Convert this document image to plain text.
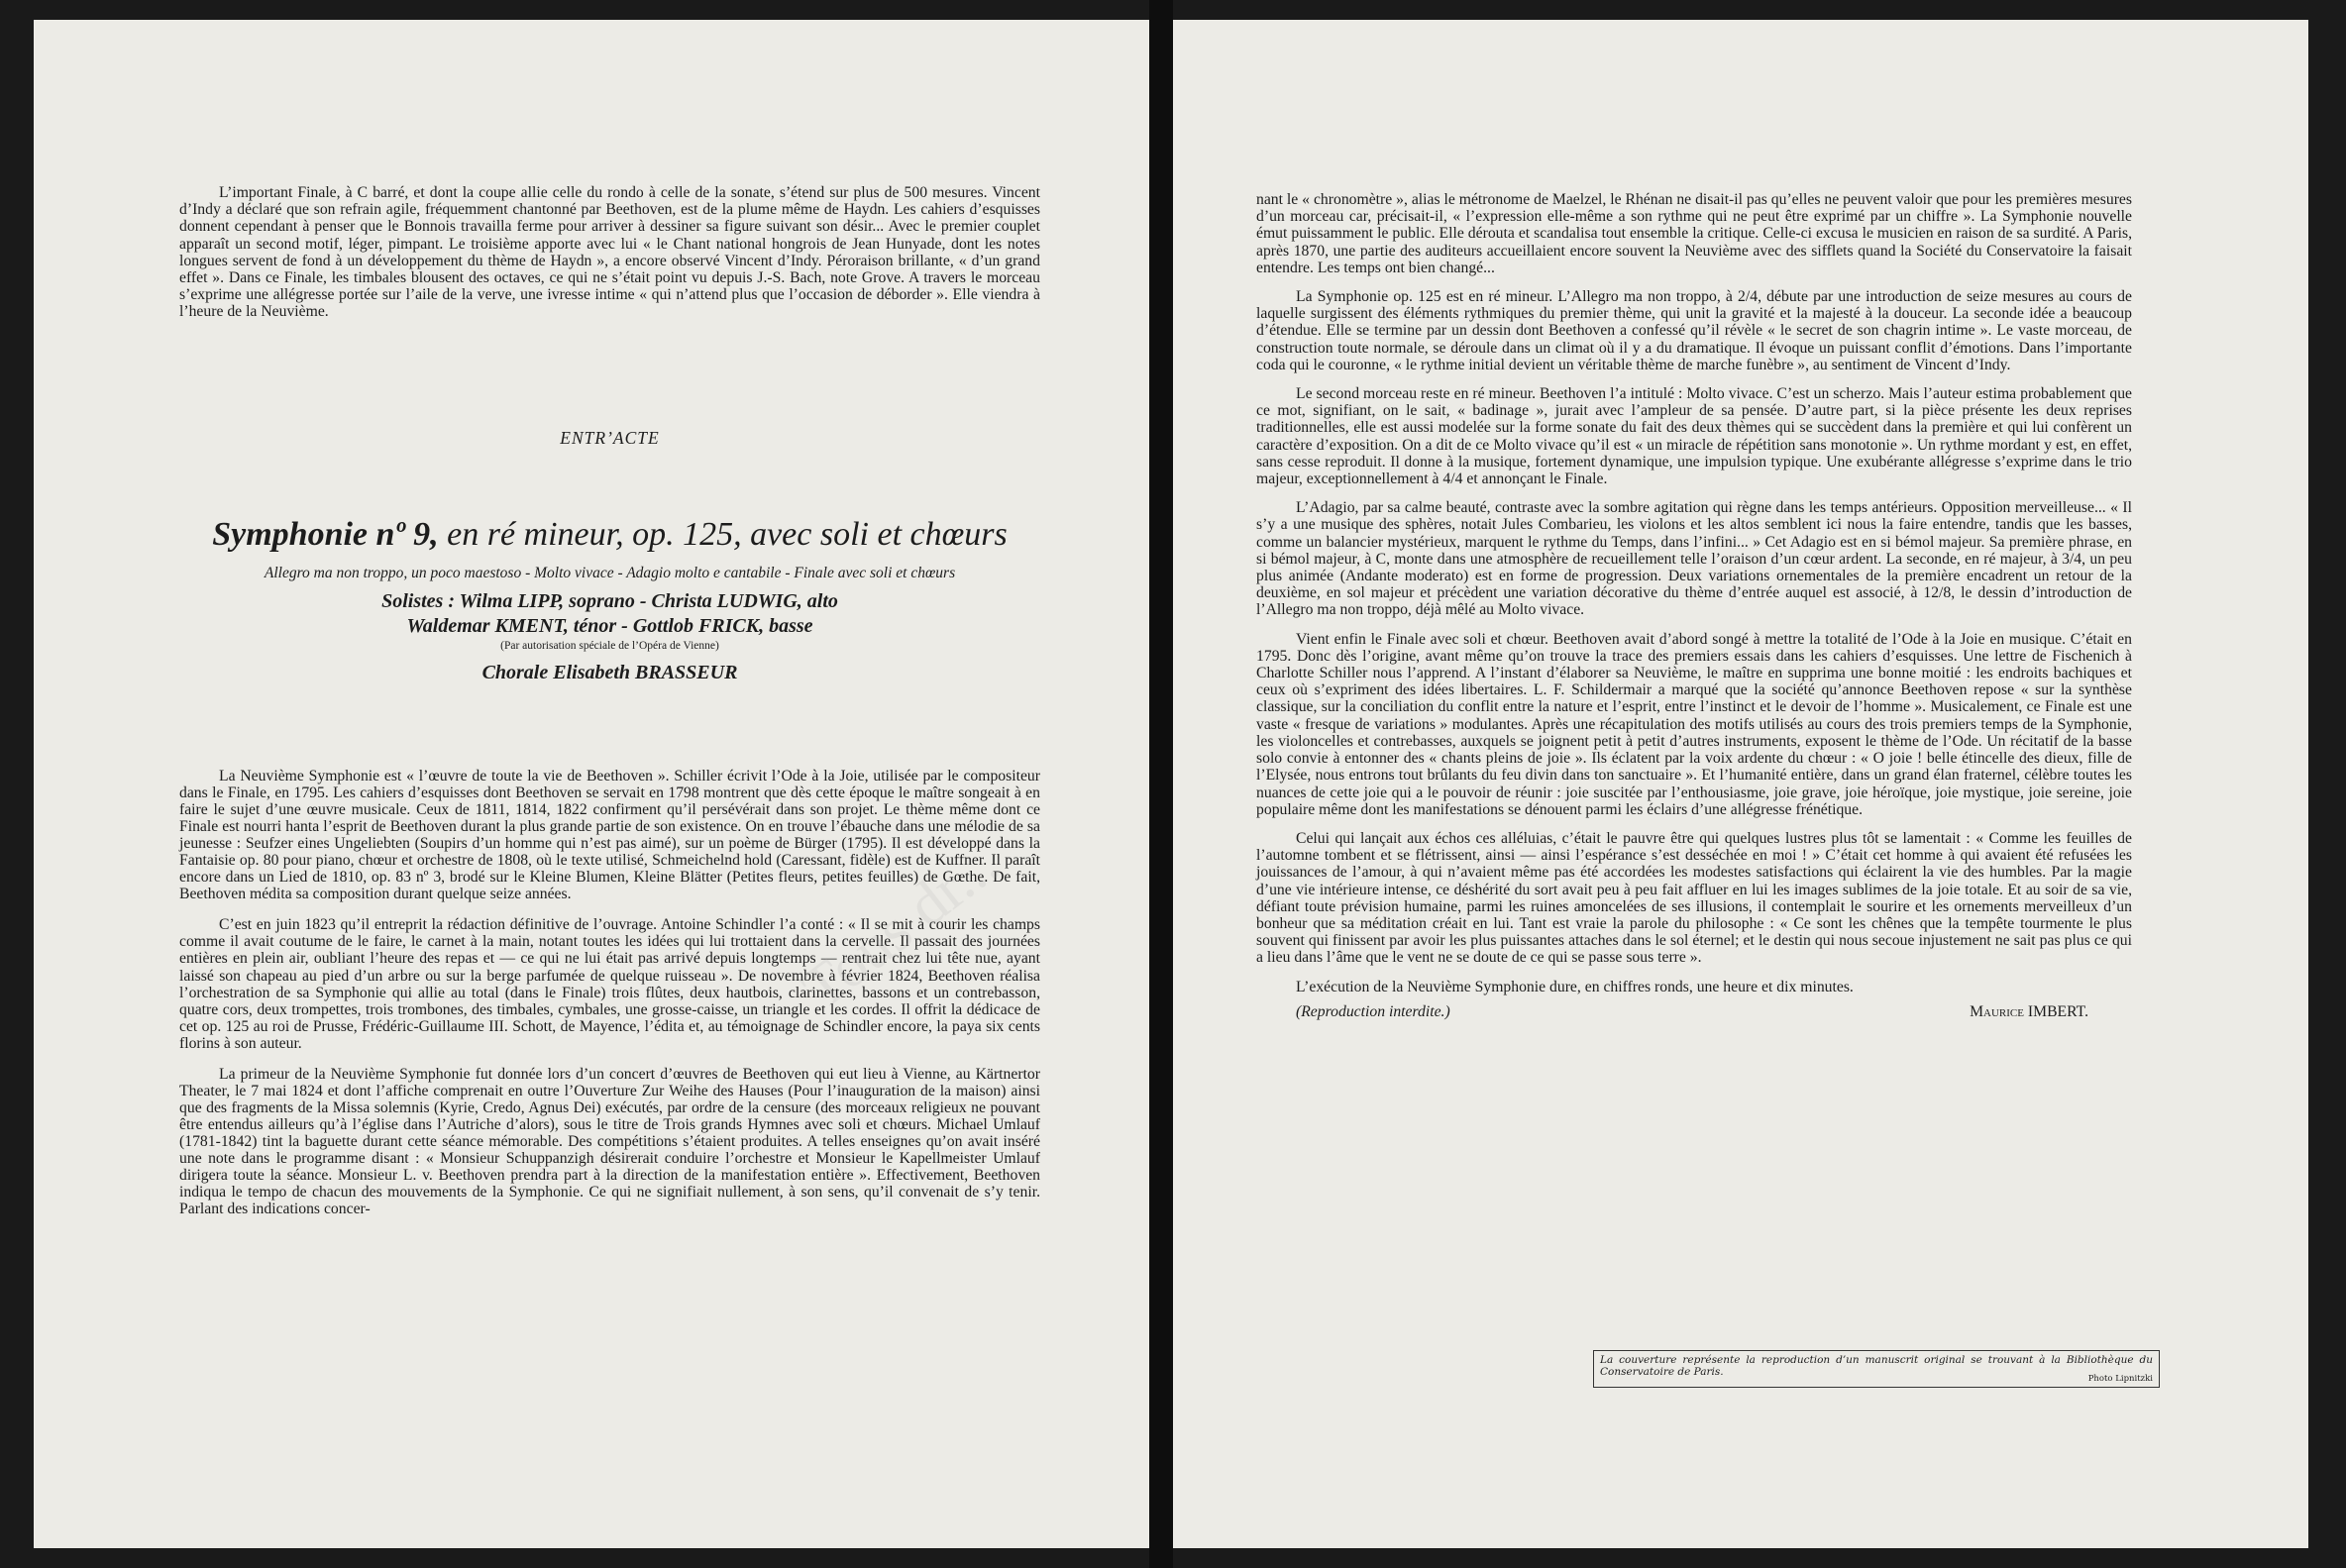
L’important Finale, à C barré, et dont la coupe allie celle du rondo à celle de la sonate, s’étend sur plus de 500 mesures. Vincent d’Indy a déclaré que son refrain agile, fréquemment chantonné par Beethoven, est de la plume même de Haydn. Les cahiers d’esquisses donnent cependant à penser que le Bonnois travailla ferme pour arriver à dessiner sa figure suivant son désir... Avec le premier couplet apparaît un second motif, léger, pimpant. Le troisième apporte avec lui « le Chant national hongrois de Jean Hunyade, dont les notes longues servent de fond à un développement du thème de Haydn », a encore observé Vincent d’Indy. Péroraison brillante, « d’un grand effet ». Dans ce Finale, les timbales blousent des octaves, ce qui ne s’était point vu depuis J.-S. Bach, note Grove. A travers le morceau s’exprime une allégresse portée sur l’aile de la verve, une ivresse intime « qui n’attend plus que l’occasion de déborder ». Elle viendra à l’heure de la Neuvième.

ENTR’ACTE
Symphonie nº 9, en ré mineur, op. 125, avec soli et chœurs
Allegro ma non troppo, un poco maestoso - Molto vivace - Adagio molto e cantabile - Finale avec soli et chœurs
Solistes : Wilma LIPP, soprano - Christa LUDWIG, alto
Waldemar KMENT, ténor - Gottlob FRICK, basse
(Par autorisation spéciale de l’Opéra de Vienne)
Chorale Elisabeth BRASSEUR

La Neuvième Symphonie est « l’œuvre de toute la vie de Beethoven ». Schiller écrivit l’Ode à la Joie, utilisée par le compositeur dans le Finale, en 1795. Les cahiers d’esquisses dont Beethoven se servait en 1798 montrent que dès cette époque le maître songeait à en faire le sujet d’une œuvre musicale. Ceux de 1811, 1814, 1822 confirment qu’il persévérait dans son projet. Le thème même dont ce Finale est nourri hanta l’esprit de Beethoven durant la plus grande partie de son existence. On en trouve l’ébauche dans une mélodie de sa jeunesse : Seufzer eines Ungeliebten (Soupirs d’un homme qui n’est pas aimé), sur un poème de Bürger (1795). Il est développé dans la Fantaisie op. 80 pour piano, chœur et orchestre de 1808, où le texte utilisé, Schmeichelnd hold (Caressant, fidèle) est de Kuffner. Il paraît encore dans un Lied de 1810, op. 83 nº 3, brodé sur le Kleine Blumen, Kleine Blätter (Petites fleurs, petites feuilles) de Gœthe. De fait, Beethoven médita sa composition durant quelque seize années.

C’est en juin 1823 qu’il entreprit la rédaction définitive de l’ouvrage. Antoine Schindler l’a conté : « Il se mit à courir les champs comme il avait coutume de le faire, le carnet à la main, notant toutes les idées qui lui trottaient dans la cervelle. Il passait des journées entières en plein air, oubliant l’heure des repas et — ce qui ne lui était pas arrivé depuis longtemps — rentrait chez lui tête nue, ayant laissé son chapeau au pied d’un arbre ou sur la berge parfumée de quelque ruisseau ». De novembre à février 1824, Beethoven réalisa l’orchestration de sa Symphonie qui allie au total (dans le Finale) trois flûtes, deux hautbois, clarinettes, bassons et un contrebasson, quatre cors, deux trompettes, trois trombones, des timbales, cymbales, une grosse-caisse, un triangle et les cordes. Il offrit la dédicace de cet op. 125 au roi de Prusse, Frédéric-Guillaume III. Schott, de Mayence, l’édita et, au témoignage de Schindler encore, la paya six cents florins à son auteur.

La primeur de la Neuvième Symphonie fut donnée lors d’un concert d’œuvres de Beethoven qui eut lieu à Vienne, au Kärtnertor Theater, le 7 mai 1824 et dont l’affiche comprenait en outre l’Ouverture Zur Weihe des Hauses (Pour l’inauguration de la maison) ainsi que des fragments de la Missa solemnis (Kyrie, Credo, Agnus Dei) exécutés, par ordre de la censure (des morceaux religieux ne pouvant être entendus ailleurs qu’à l’église dans l’Autriche d’alors), sous le titre de Trois grands Hymnes avec soli et chœurs. Michael Umlauf (1781-1842) tint la baguette durant cette séance mémorable. Des compétitions s’étaient produites. A telles enseignes qu’on avait inséré une note dans le programme disant : « Monsieur Schuppanzigh désirerait conduire l’orchestre et Monsieur le Kapellmeister Umlauf dirigera toute la séance. Monsieur L. v. Beethoven prendra part à la direction de la manifestation entière ». Effectivement, Beethoven indiqua le tempo de chacun des mouvements de la Symphonie. Ce qui ne signifiait nullement, à son sens, qu’il convenait de s’y tenir. Parlant des indications concer-

Tous dr...

nant le « chronomètre », alias le métronome de Maelzel, le Rhénan ne disait-il pas qu’elles ne peuvent valoir que pour les premières mesures d’un morceau car, précisait-il, « l’expression elle-même a son rythme qui ne peut être exprimé par un chiffre ». La Symphonie nouvelle émut puissamment le public. Elle dérouta et scandalisa tout ensemble la critique. Celle-ci excusa le musicien en raison de sa surdité. A Paris, après 1870, une partie des auditeurs accueillaient encore souvent la Neuvième avec des sifflets quand la Société du Conservatoire la faisait entendre. Les temps ont bien changé...

La Symphonie op. 125 est en ré mineur. L’Allegro ma non troppo, à 2/4, débute par une introduction de seize mesures au cours de laquelle surgissent des éléments rythmiques du premier thème, qui unit la gravité et la majesté à la douceur. La seconde idée a beaucoup d’étendue. Elle se termine par un dessin dont Beethoven a confessé qu’il révèle « le secret de son chagrin intime ». Le vaste morceau, de construction toute normale, se déroule dans un climat où il y a du dramatique. Il évoque un puissant conflit d’émotions. Dans l’importante coda qui le couronne, « le rythme initial devient un véritable thème de marche funèbre », au sentiment de Vincent d’Indy.

Le second morceau reste en ré mineur. Beethoven l’a intitulé : Molto vivace. C’est un scherzo. Mais l’auteur estima probablement que ce mot, signifiant, on le sait, « badinage », jurait avec l’ampleur de sa pensée. D’autre part, si la pièce présente les deux reprises traditionnelles, elle est aussi modelée sur la forme sonate du fait des deux thèmes qui se succèdent dans la première et qui lui confèrent un caractère d’exposition. On a dit de ce Molto vivace qu’il est « un miracle de répétition sans monotonie ». Un rythme mordant y est, en effet, sans cesse reproduit. Il donne à la musique, fortement dynamique, une impulsion typique. Une exubérante allégresse s’exprime dans le trio majeur, exceptionnellement à 4/4 et annonçant le Finale.

L’Adagio, par sa calme beauté, contraste avec la sombre agitation qui règne dans les temps antérieurs. Opposition merveilleuse... « Il s’y a une musique des sphères, notait Jules Combarieu, les violons et les altos semblent ici nous la faire entendre, tandis que les basses, comme un balancier mystérieux, marquent le rythme du Temps, dans l’infini... » Cet Adagio est en si bémol majeur. Sa première phrase, en si bémol majeur, à C, monte dans une atmosphère de recueillement telle l’oraison d’un cœur ardent. La seconde, en ré majeur, à 3/4, un peu plus animée (Andante moderato) est en forme de progression. Deux variations ornementales de la première encadrent un retour de la deuxième, en sol majeur et précèdent une variation décorative du thème d’entrée auquel est associé, à 12/8, le dessin d’introduction de l’Allegro ma non troppo, déjà mêlé au Molto vivace.

Vient enfin le Finale avec soli et chœur. Beethoven avait d’abord songé à mettre la totalité de l’Ode à la Joie en musique. C’était en 1795. Donc dès l’origine, avant même qu’on trouve la trace des premiers essais dans les cahiers d’esquisses. Une lettre de Fischenich à Charlotte Schiller nous l’apprend. A l’instant d’élaborer sa Neuvième, le maître en supprima une bonne moitié : les endroits bachiques et ceux où s’expriment des idées libertaires. L. F. Schildermair a marqué que la société qu’annonce Beethoven repose « sur la synthèse classique, sur la conciliation du conflit entre la nature et l’esprit, entre l’instinct et le devoir de l’homme ». Musicalement, ce Finale est une vaste « fresque de variations » modulantes. Après une récapitulation des motifs utilisés au cours des trois premiers temps de la Symphonie, les violoncelles et contrebasses, auxquels se joignent petit à petit d’autres instruments, exposent le thème de l’Ode. Un récitatif de la basse solo convie à entonner des « chants pleins de joie ». Ils éclatent par la voix ardente du chœur : « O joie ! belle étincelle des dieux, fille de l’Elysée, nous entrons tout brûlants du feu divin dans ton sanctuaire ». Et l’humanité entière, dans un grand élan fraternel, célèbre toutes les nuances de cette joie qui a le pouvoir de réunir : joie suscitée par l’enthousiasme, joie grave, joie héroïque, joie mystique, joie sereine, joie populaire même dont les manifestations se dénouent parmi les éclairs d’une allégresse frénétique.

Celui qui lançait aux échos ces alléluias, c’était le pauvre être qui quelques lustres plus tôt se lamentait : « Comme les feuilles de l’automne tombent et se flétrissent, ainsi — ainsi l’espérance s’est desséchée en moi ! » C’était cet homme à qui avaient été refusées les jouissances de l’amour, à qui n’avaient même pas été accordées les modestes satisfactions qui éclairent la vie des humbles. Par la magie d’une vie intérieure intense, ce déshérité du sort avait peu à peu fait affluer en lui les images sublimes de la joie totale. Et au soir de sa vie, défiant toute prévision humaine, parmi les ruines amoncelées de ses illusions, il contemplait le sourire et les ornements merveilleux d’un bonheur que sa méditation créait en lui. Tant est vraie la parole du philosophe : « Ce sont les chênes que la tempête tourmente le plus souvent qui finissent par avoir les plus puissantes attaches dans le sol éternel; et le destin qui nous secoue injustement ne sait pas plus ce qui a lieu dans l’âme que le vent ne se doute de ce qui se passe sous terre ».

L’exécution de la Neuvième Symphonie dure, en chiffres ronds, une heure et dix minutes.

(Reproduction interdite.)	Maurice IMBERT.
La couverture représente la reproduction d’un manuscrit original se trouvant à la Bibliothèque du Conservatoire de Paris.
Photo Lipnitzki
